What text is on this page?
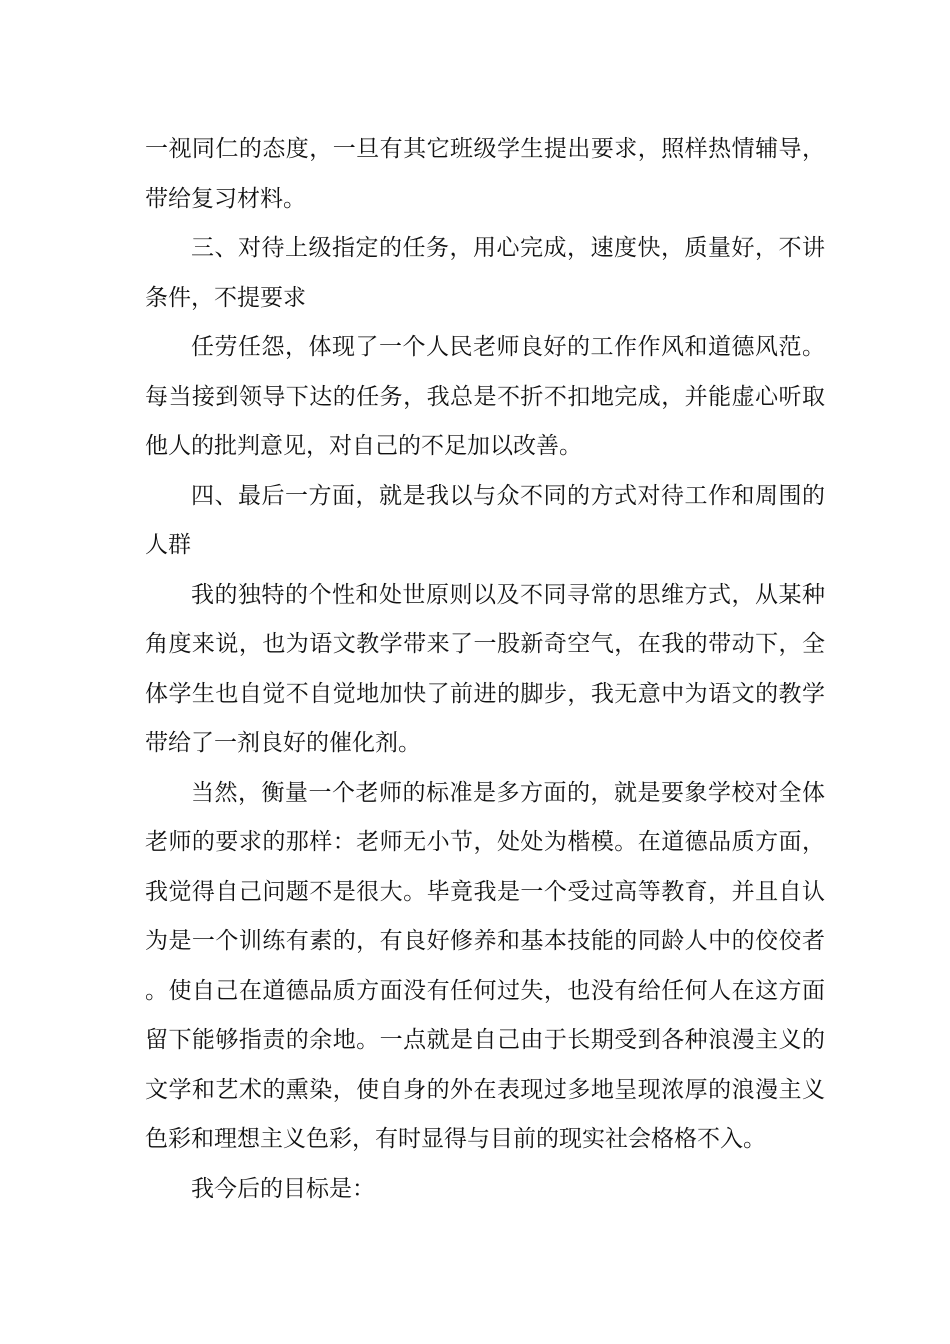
一视同仁的态度，一旦有其它班级学生提出要求，照样热情辅导，带给复习材料。

三、对待上级指定的任务，用心完成，速度快，质量好，不讲条件，不提要求

任劳任怨，体现了一个人民老师良好的工作作风和道德风范。每当接到领导下达的任务，我总是不折不扣地完成，并能虚心听取他人的批判意见，对自己的不足加以改善。

四、最后一方面，就是我以与众不同的方式对待工作和周围的人群

我的独特的个性和处世原则以及不同寻常的思维方式，从某种角度来说，也为语文教学带来了一股新奇空气，在我的带动下，全体学生也自觉不自觉地加快了前进的脚步，我无意中为语文的教学带给了一剂良好的催化剂。

当然，衡量一个老师的标准是多方面的，就是要象学校对全体老师的要求的那样：老师无小节，处处为楷模。在道德品质方面，我觉得自己问题不是很大。毕竟我是一个受过高等教育，并且自认为是一个训练有素的，有良好修养和基本技能的同龄人中的佼佼者。使自己在道德品质方面没有任何过失，也没有给任何人在这方面留下能够指责的余地。一点就是自己由于长期受到各种浪漫主义的文学和艺术的熏染，使自身的外在表现过多地呈现浓厚的浪漫主义色彩和理想主义色彩，有时显得与目前的现实社会格格不入。

我今后的目标是：
